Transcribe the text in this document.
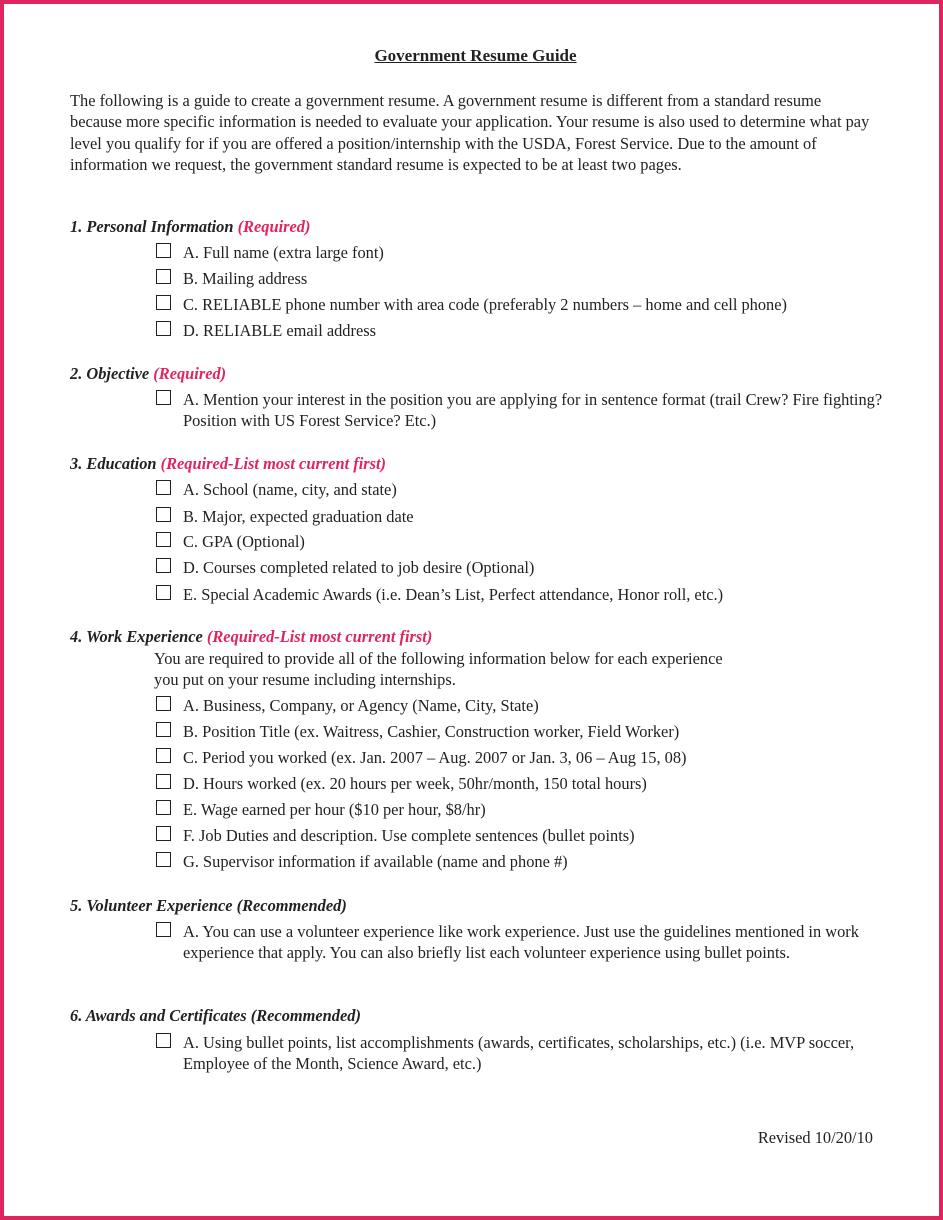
Government Resume Guide

The following is a guide to create a government resume. A government resume is different from a standard resume because more specific information is needed to evaluate your application. Your resume is also used to determine what pay level you qualify for if you are offered a position/internship with the USDA, Forest Service. Due to the amount of information we request, the government standard resume is expected to be at least two pages.

1. Personal Information (Required)

A. Full name (extra large font)
B. Mailing address
C. RELIABLE phone number with area code (preferably 2 numbers – home and cell phone)
D. RELIABLE email address

2. Objective (Required)

A. Mention your interest in the position you are applying for in sentence format (trail Crew? Fire fighting? Position with US Forest Service? Etc.)

3. Education (Required-List most current first)

A. School (name, city, and state)
B. Major, expected graduation date
C. GPA (Optional)
D. Courses completed related to job desire (Optional)
E. Special Academic Awards (i.e. Dean’s List, Perfect attendance, Honor roll, etc.)

4. Work Experience (Required-List most current first)

You are required to provide all of the following information below for each experience you put on your resume including internships.

A. Business, Company, or Agency (Name, City, State)
B. Position Title (ex. Waitress, Cashier, Construction worker, Field Worker)
C. Period you worked (ex. Jan. 2007 – Aug. 2007 or Jan. 3, 06 – Aug 15, 08)
D. Hours worked (ex. 20 hours per week, 50hr/month, 150 total hours)
E. Wage earned per hour ($10 per hour, $8/hr)
F. Job Duties and description. Use complete sentences (bullet points)
G. Supervisor information if available (name and phone #)

5. Volunteer Experience (Recommended)

A. You can use a volunteer experience like work experience. Just use the guidelines mentioned in work experience that apply. You can also briefly list each volunteer experience using bullet points.

6. Awards and Certificates (Recommended)

A. Using bullet points, list accomplishments (awards, certificates, scholarships, etc.) (i.e. MVP soccer, Employee of the Month, Science Award, etc.)

Revised 10/20/10
